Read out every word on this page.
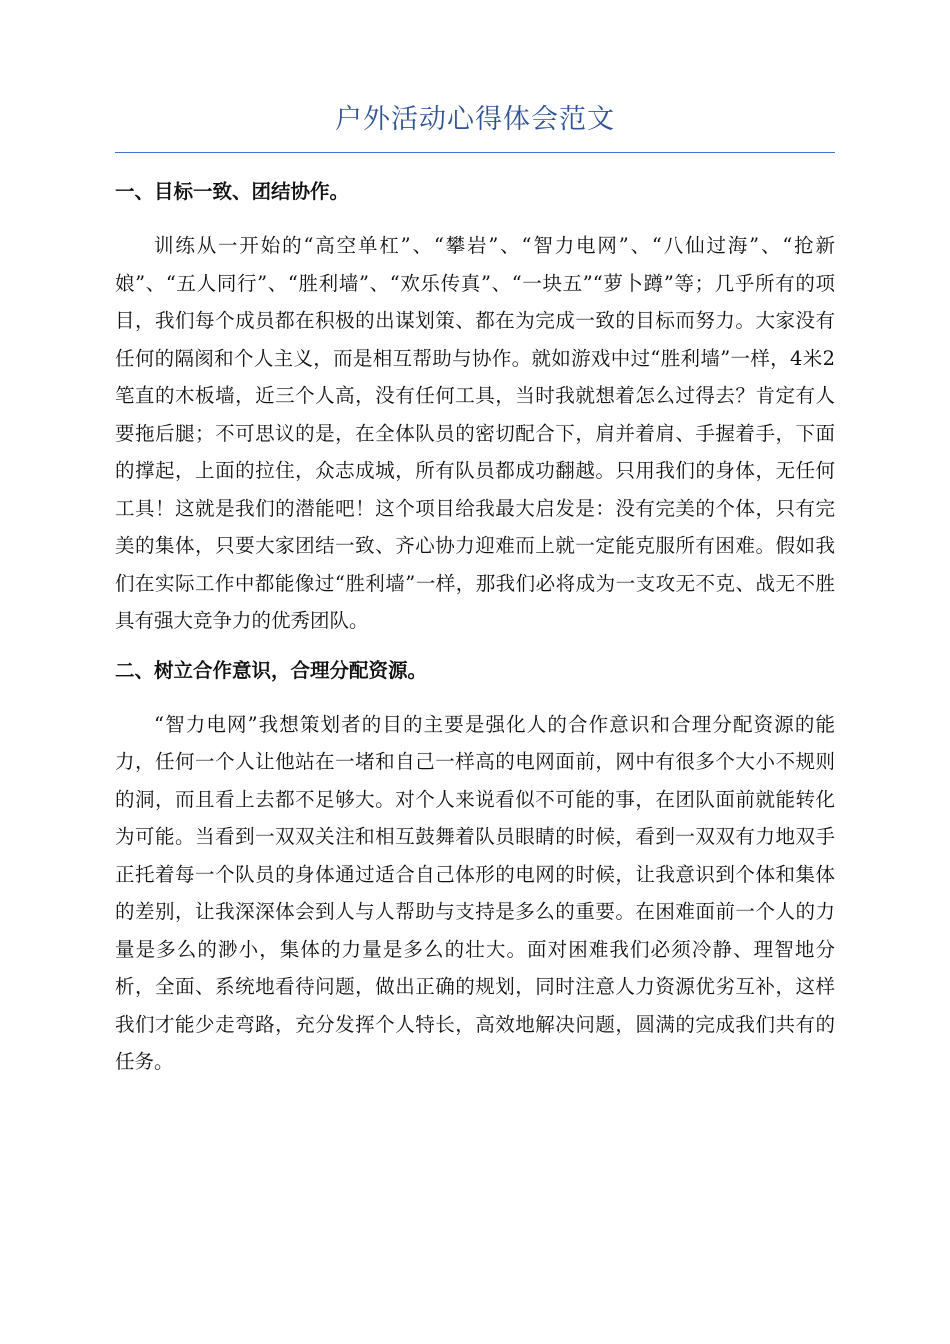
户外活动心得体会范文
一、目标一致、团结协作。

训练从一开始的“高空单杠”、“攀岩”、“智力电网”、“八仙过海”、“抢新娘”、“五人同行”、“胜利墙”、“欢乐传真”、“一块五”“萝卜蹲”等；几乎所有的项目，我们每个成员都在积极的出谋划策、都在为完成一致的目标而努力。大家没有任何的隔阂和个人主义，而是相互帮助与协作。就如游戏中过“胜利墙”一样，4米2笔直的木板墙，近三个人高，没有任何工具，当时我就想着怎么过得去？肯定有人要拖后腿；不可思议的是，在全体队员的密切配合下，肩并着肩、手握着手，下面的撑起，上面的拉住，众志成城，所有队员都成功翻越。只用我们的身体，无任何工具！这就是我们的潜能吧！这个项目给我最大启发是：没有完美的个体，只有完美的集体，只要大家团结一致、齐心协力迎难而上就一定能克服所有困难。假如我们在实际工作中都能像过“胜利墙”一样，那我们必将成为一支攻无不克、战无不胜具有强大竞争力的优秀团队。

二、树立合作意识，合理分配资源。

“智力电网”我想策划者的目的主要是强化人的合作意识和合理分配资源的能力，任何一个人让他站在一堵和自己一样高的电网面前，网中有很多个大小不规则的洞，而且看上去都不足够大。对个人来说看似不可能的事，在团队面前就能转化为可能。当看到一双双关注和相互鼓舞着队员眼睛的时候，看到一双双有力地双手正托着每一个队员的身体通过适合自己体形的电网的时候，让我意识到个体和集体的差别，让我深深体会到人与人帮助与支持是多么的重要。在困难面前一个人的力量是多么的渺小，集体的力量是多么的壮大。面对困难我们必须冷静、理智地分析，全面、系统地看待问题，做出正确的规划，同时注意人力资源优劣互补，这样我们才能少走弯路，充分发挥个人特长，高效地解决问题，圆满的完成我们共有的任务。
